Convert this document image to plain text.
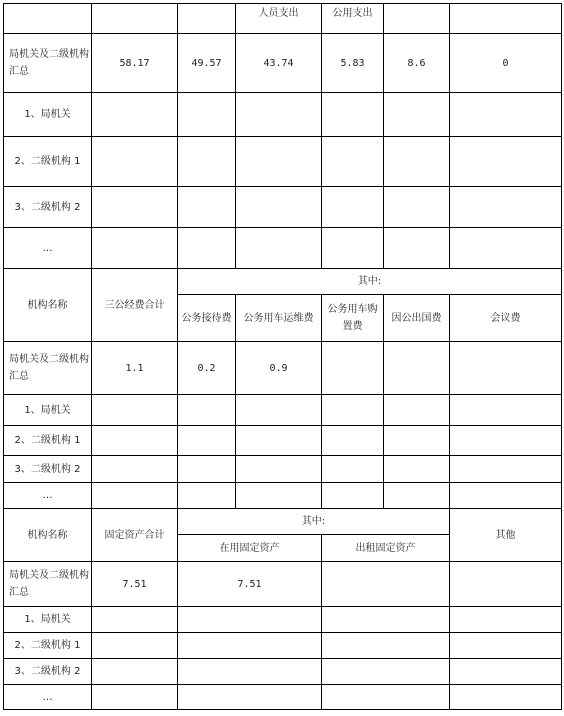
			人员支出	公用支出		
局机关及二级机构汇总	58.17	49.57	43.74	5.83	8.6	0
1、局机关						
2、二级机构 1						
3、二级机构 2						
…						
机构名称	三公经费合计	其中:				
		公务接待费	公务用车运维费	公务用车购置费	因公出国费	会议费
局机关及二级机构汇总	1.1	0.2	0.9			
1、局机关						
2、二级机构 1						
3、二级机构 2						
…						
机构名称	固定资产合计	其中:		其他
		在用固定资产	出租固定资产	
局机关及二级机构汇总	7.51	7.51		
1、局机关				
2、二级机构 1				
3、二级机构 2				
…				
